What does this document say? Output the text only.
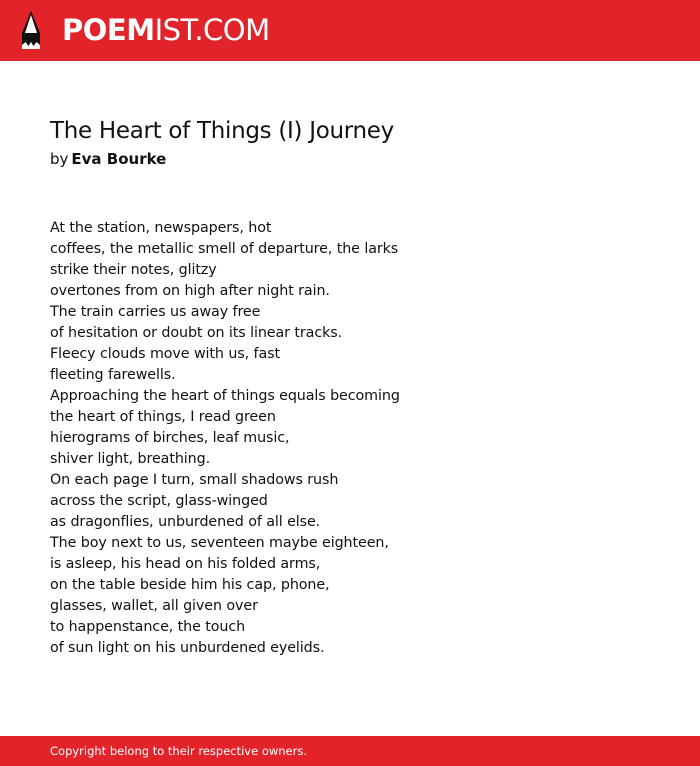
POEMIST.COM
The Heart of Things (I) Journey
by Eva Bourke
At the station, newspapers, hot
coffees, the metallic smell of departure, the larks
strike their notes, glitzy
overtones from on high after night rain.
The train carries us away free
of hesitation or doubt on its linear tracks.
Fleecy clouds move with us, fast
fleeting farewells.
Approaching the heart of things equals becoming
the heart of things, I read green
hierograms of birches, leaf music,
shiver light, breathing.
On each page I turn, small shadows rush
across the script, glass-winged
as dragonflies, unburdened of all else.
The boy next to us, seventeen maybe eighteen,
is asleep, his head on his folded arms,
on the table beside him his cap, phone,
glasses, wallet, all given over
to happenstance, the touch
of sun light on his unburdened eyelids.
Copyright belong to their respective owners.
